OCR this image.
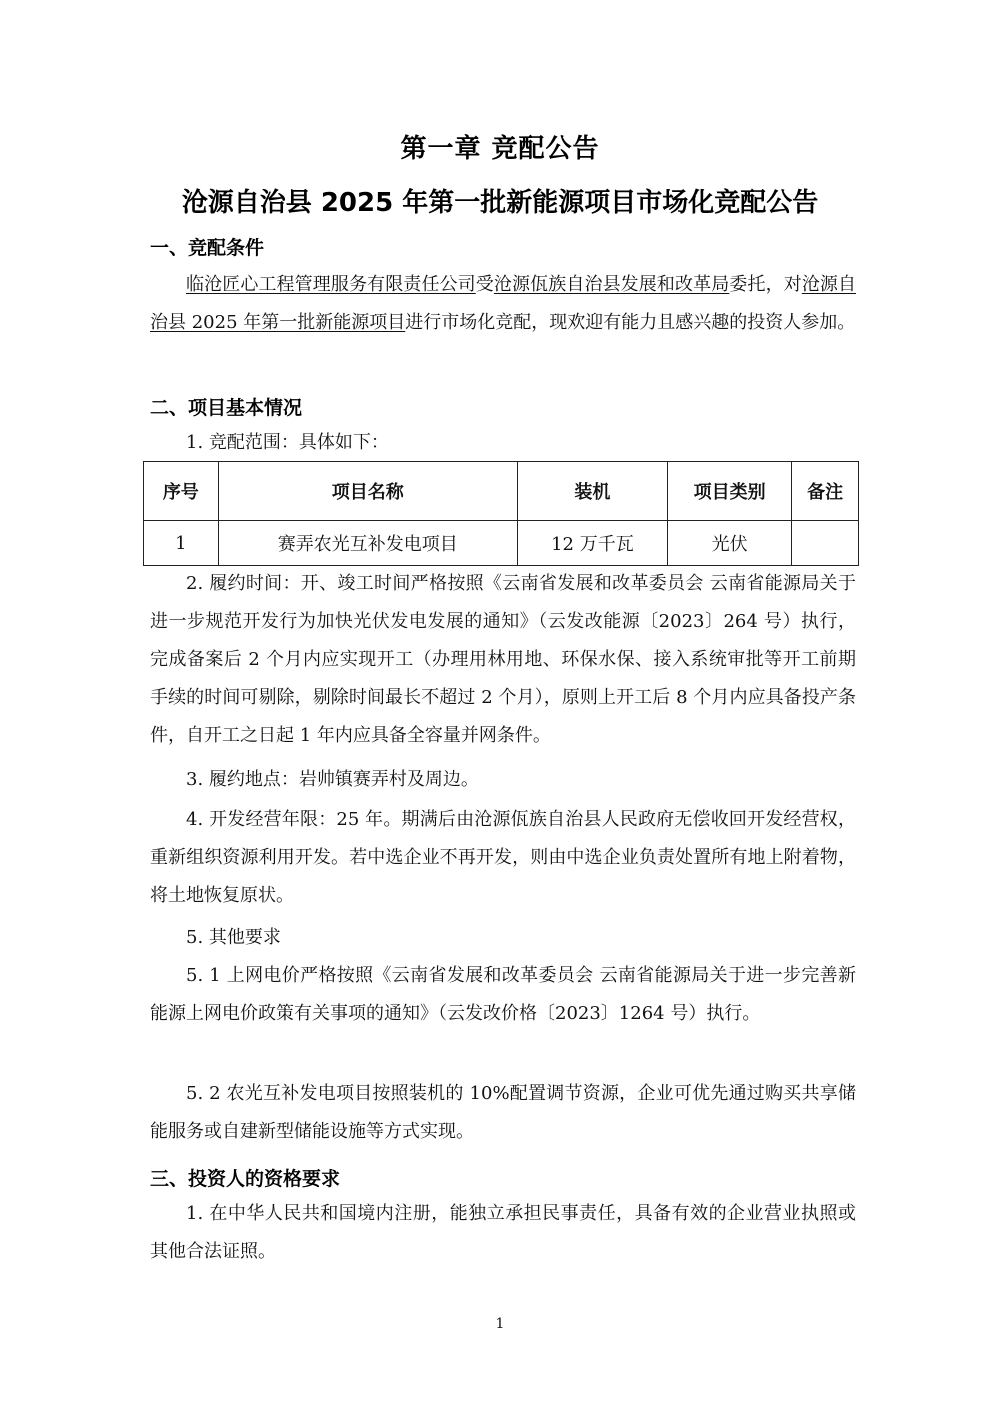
第一章 竞配公告
沧源自治县 2025 年第一批新能源项目市场化竞配公告
一、竞配条件

临沧匠心工程管理服务有限责任公司受沧源佤族自治县发展和改革局委托，对沧源自治县 2025 年第一批新能源项目进行市场化竞配，现欢迎有能力且感兴趣的投资人参加。

二、项目基本情况

1. 竞配范围：具体如下：

序号	项目名称	装机	项目类别	备注
1	赛弄农光互补发电项目	12 万千瓦	光伏	

2. 履约时间：开、竣工时间严格按照《云南省发展和改革委员会 云南省能源局关于进一步规范开发行为加快光伏发电发展的通知》（云发改能源〔2023〕264 号）执行，完成备案后 2 个月内应实现开工（办理用林用地、环保水保、接入系统审批等开工前期手续的时间可剔除，剔除时间最长不超过 2 个月），原则上开工后 8 个月内应具备投产条件，自开工之日起 1 年内应具备全容量并网条件。

3. 履约地点：岩帅镇赛弄村及周边。

4. 开发经营年限：25 年。期满后由沧源佤族自治县人民政府无偿收回开发经营权，重新组织资源利用开发。若中选企业不再开发，则由中选企业负责处置所有地上附着物，将土地恢复原状。

5. 其他要求

5. 1 上网电价严格按照《云南省发展和改革委员会 云南省能源局关于进一步完善新能源上网电价政策有关事项的通知》（云发改价格〔2023〕1264 号）执行。

5. 2 农光互补发电项目按照装机的 10%配置调节资源，企业可优先通过购买共享储能服务或自建新型储能设施等方式实现。

三、投资人的资格要求

1. 在中华人民共和国境内注册，能独立承担民事责任，具备有效的企业营业执照或其他合法证照。

1
